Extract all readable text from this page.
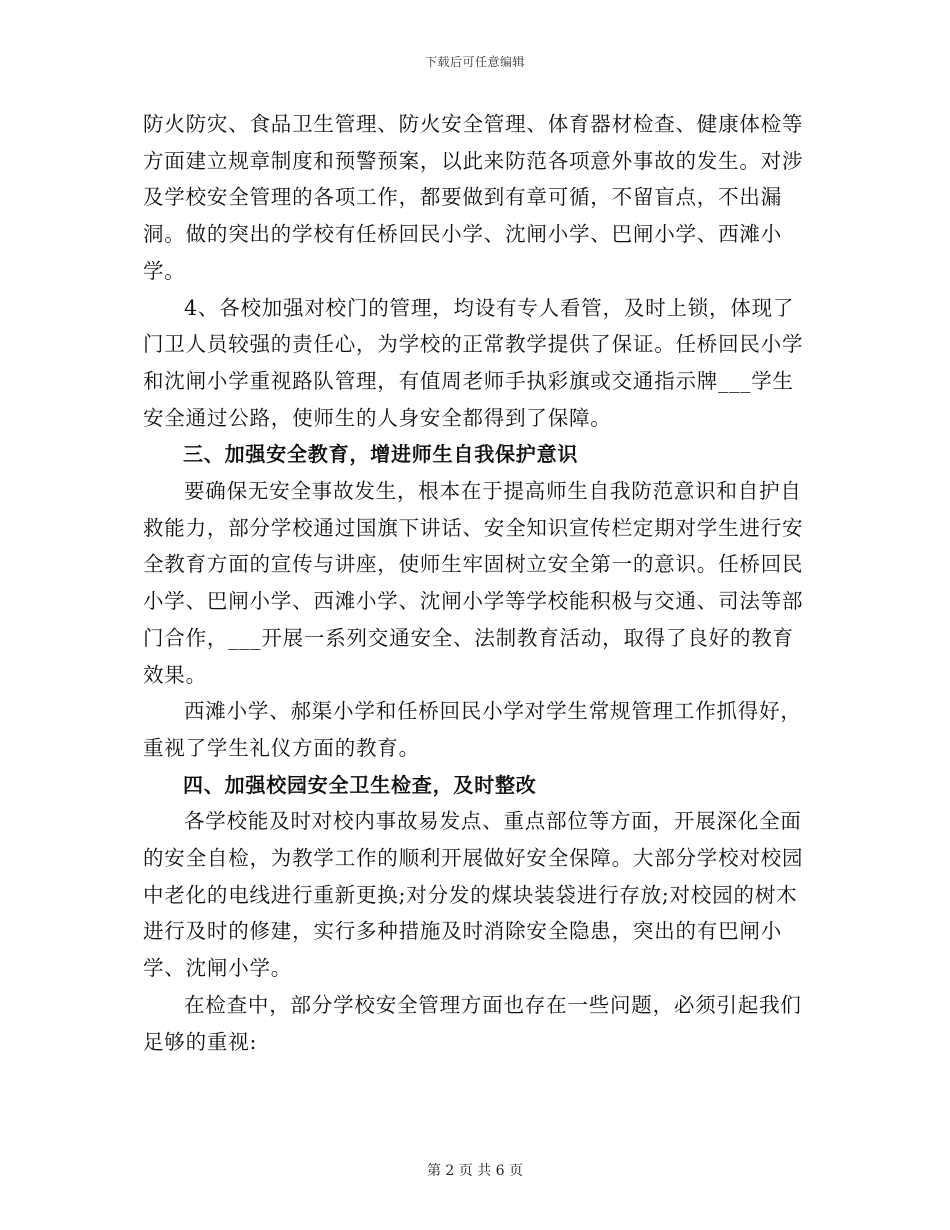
下载后可任意编辑

防火防灾、食品卫生管理、防火安全管理、体育器材检查、健康体检等方面建立规章制度和预警预案，以此来防范各项意外事故的发生。对涉及学校安全管理的各项工作，都要做到有章可循，不留盲点，不出漏洞。做的突出的学校有任桥回民小学、沈闸小学、巴闸小学、西滩小学。

4、各校加强对校门的管理，均设有专人看管，及时上锁，体现了门卫人员较强的责任心，为学校的正常教学提供了保证。任桥回民小学和沈闸小学重视路队管理，有值周老师手执彩旗或交通指示牌___学生安全通过公路，使师生的人身安全都得到了保障。

三、加强安全教育，增进师生自我保护意识

要确保无安全事故发生，根本在于提高师生自我防范意识和自护自救能力，部分学校通过国旗下讲话、安全知识宣传栏定期对学生进行安全教育方面的宣传与讲座，使师生牢固树立安全第一的意识。任桥回民小学、巴闸小学、西滩小学、沈闸小学等学校能积极与交通、司法等部门合作，___开展一系列交通安全、法制教育活动，取得了良好的教育效果。

西滩小学、郝渠小学和任桥回民小学对学生常规管理工作抓得好，重视了学生礼仪方面的教育。

四、加强校园安全卫生检查，及时整改

各学校能及时对校内事故易发点、重点部位等方面，开展深化全面的安全自检，为教学工作的顺利开展做好安全保障。大部分学校对校园中老化的电线进行重新更换;对分发的煤块装袋进行存放;对校园的树木进行及时的修建，实行多种措施及时消除安全隐患，突出的有巴闸小学、沈闸小学。

在检查中，部分学校安全管理方面也存在一些问题，必须引起我们足够的重视:

第 2 页 共 6 页
